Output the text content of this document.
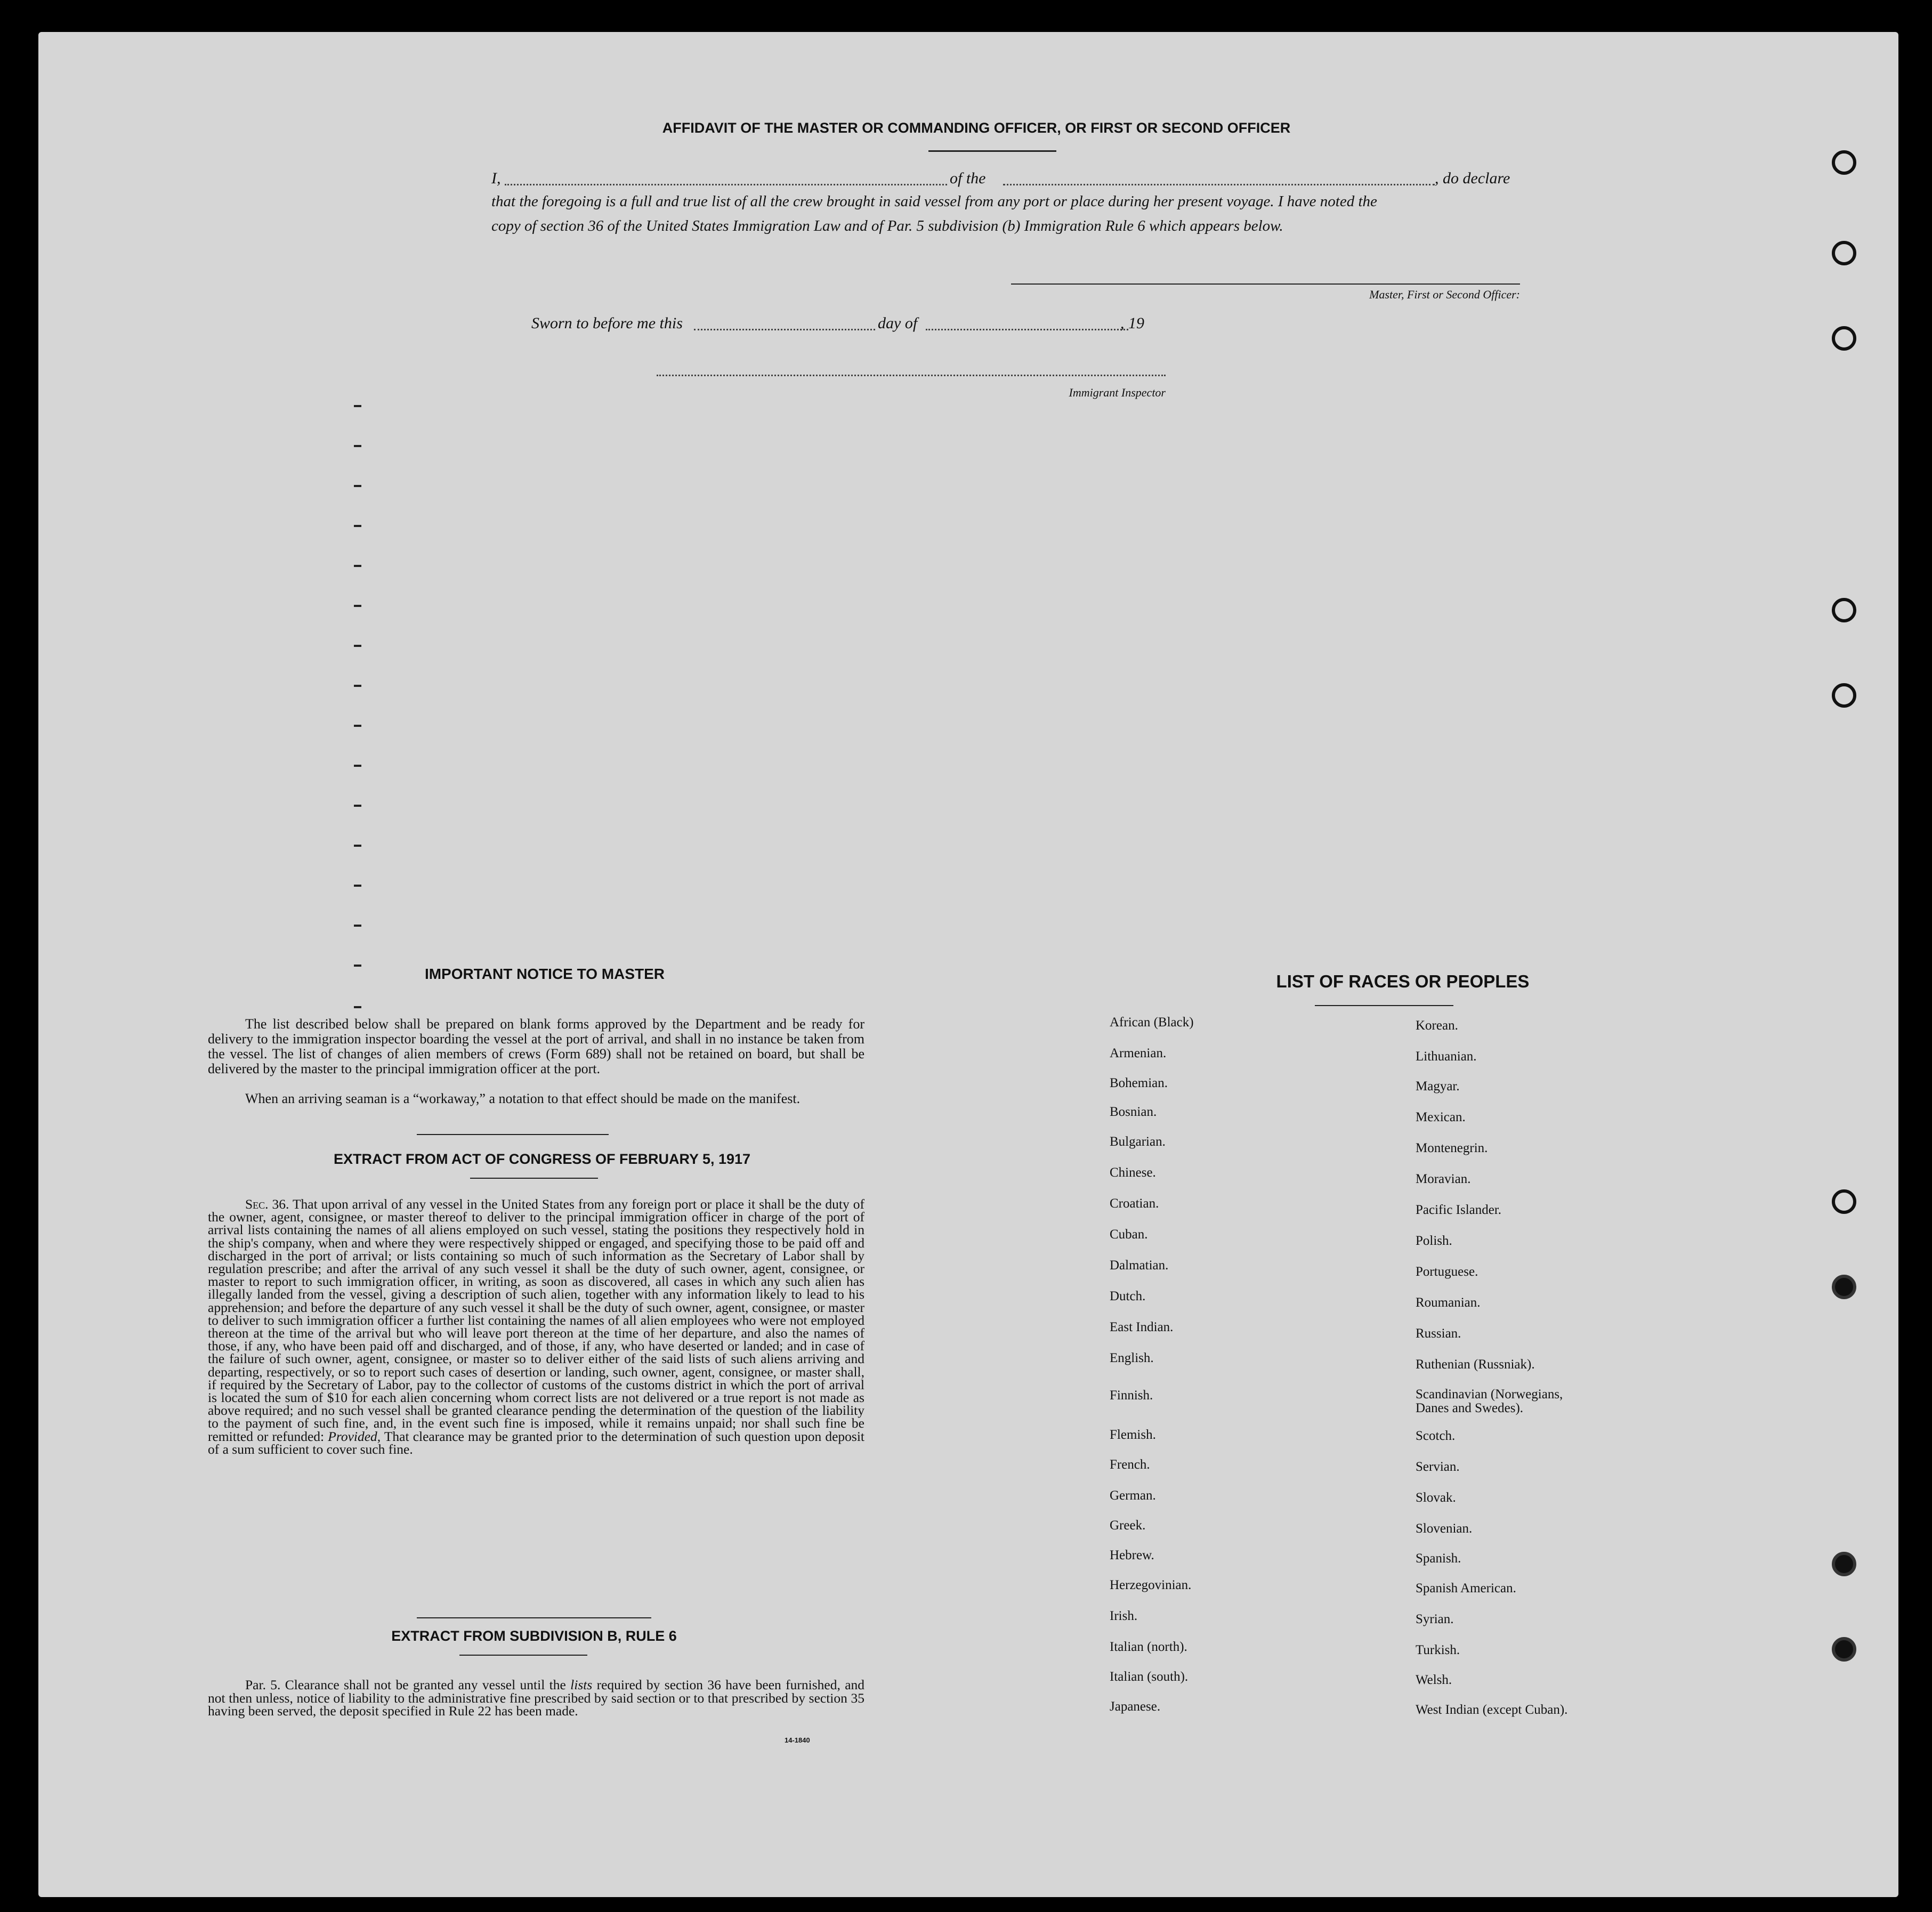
AFFIDAVIT OF THE MASTER OR COMMANDING OFFICER, OR FIRST OR SECOND OFFICER
I,	of the	, do declare
that the foregoing is a full and true list of all the crew brought in said vessel from any port or place during her present voyage. I have noted the
copy of section 36 of the United States Immigration Law and of Par. 5 subdivision (b) Immigration Rule 6 which appears below.
Master, First or Second Officer:
Sworn to before me this	day of	, 19
Immigrant Inspector
IMPORTANT NOTICE TO MASTER
The list described below shall be prepared on blank forms approved by the Department and be ready for delivery to the immigration inspector boarding the vessel at the port of arrival, and shall in no instance be taken from the vessel. The list of changes of alien members of crews (Form 689) shall not be retained on board, but shall be delivered by the master to the principal immigration officer at the port.
When an arriving seaman is a “workaway,” a notation to that effect should be made on the manifest.
EXTRACT FROM ACT OF CONGRESS OF FEBRUARY 5, 1917
Sec. 36. That upon arrival of any vessel in the United States from any foreign port or place it shall be the duty of the owner, agent, consignee, or master thereof to deliver to the principal immigration officer in charge of the port of arrival lists containing the names of all aliens employed on such vessel, stating the positions they respectively hold in the ship's company, when and where they were respectively shipped or engaged, and specifying those to be paid off and discharged in the port of arrival; or lists containing so much of such information as the Secretary of Labor shall by regulation prescribe; and after the arrival of any such vessel it shall be the duty of such owner, agent, consignee, or master to report to such immigration officer, in writing, as soon as discovered, all cases in which any such alien has illegally landed from the vessel, giving a description of such alien, together with any information likely to lead to his apprehension; and before the departure of any such vessel it shall be the duty of such owner, agent, consignee, or master to deliver to such immigration officer a further list containing the names of all alien employees who were not employed thereon at the time of the arrival but who will leave port thereon at the time of her departure, and also the names of those, if any, who have been paid off and discharged, and of those, if any, who have deserted or landed; and in case of the failure of such owner, agent, consignee, or master so to deliver either of the said lists of such aliens arriving and departing, respectively, or so to report such cases of desertion or landing, such owner, agent, consignee, or master shall, if required by the Secretary of Labor, pay to the collector of customs of the customs district in which the port of arrival is located the sum of $10 for each alien concerning whom correct lists are not delivered or a true report is not made as above required; and no such vessel shall be granted clearance pending the determination of the question of the liability to the payment of such fine, and, in the event such fine is imposed, while it remains unpaid; nor shall such fine be remitted or refunded: Provided, That clearance may be granted prior to the determination of such question upon deposit of a sum sufficient to cover such fine.
EXTRACT FROM SUBDIVISION B, RULE 6
Par. 5. Clearance shall not be granted any vessel until the lists required by section 36 have been furnished, and not then unless, notice of liability to the administrative fine prescribed by said section or to that prescribed by section 35 having been served, the deposit specified in Rule 22 has been made.
14-1840
LIST OF RACES OR PEOPLES
African (Black)
Armenian.
Bohemian.
Bosnian.
Bulgarian.
Chinese.
Croatian.
Cuban.
Dalmatian.
Dutch.
East Indian.
English.
Finnish.
Flemish.
French.
German.
Greek.
Hebrew.
Herzegovinian.
Irish.
Italian (north).
Italian (south).
Japanese.
Korean.
Lithuanian.
Magyar.
Mexican.
Montenegrin.
Moravian.
Pacific Islander.
Polish.
Portuguese.
Roumanian.
Russian.
Ruthenian (Russniak).
Scandinavian (Norwegians,
Danes and Swedes).
Scotch.
Servian.
Slovak.
Slovenian.
Spanish.
Spanish American.
Syrian.
Turkish.
Welsh.
West Indian (except Cuban).
